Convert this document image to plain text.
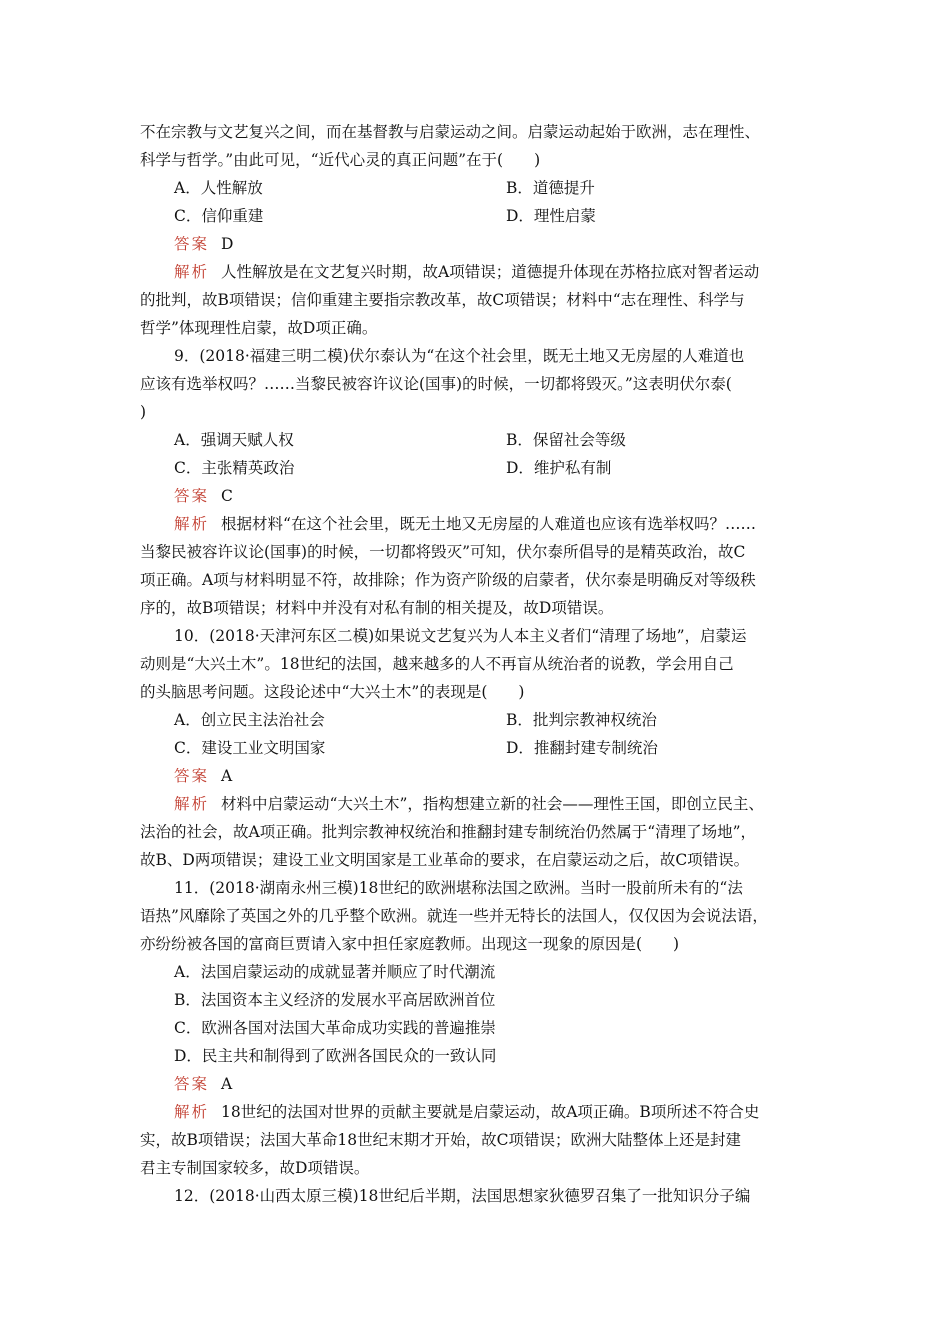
不在宗教与文艺复兴之间，而在基督教与启蒙运动之间。启蒙运动起始于欧洲，志在理性、
科学与哲学。”由此可见，“近代心灵的真正问题”在于(　　)
A．人性解放	B．道德提升
C．信仰重建	D．理性启蒙
答案 D
解析 人性解放是在文艺复兴时期，故A项错误；道德提升体现在苏格拉底对智者运动
的批判，故B项错误；信仰重建主要指宗教改革，故C项错误；材料中“志在理性、科学与
哲学”体现理性启蒙，故D项正确。
9．(2018·福建三明二模)伏尔泰认为“在这个社会里，既无土地又无房屋的人难道也
应该有选举权吗？……当黎民被容许议论(国事)的时候，一切都将毁灭。”这表明伏尔泰(
)
A．强调天赋人权	B．保留社会等级
C．主张精英政治	D．维护私有制
答案 C
解析 根据材料“在这个社会里，既无土地又无房屋的人难道也应该有选举权吗？……
当黎民被容许议论(国事)的时候，一切都将毁灭”可知，伏尔泰所倡导的是精英政治，故C
项正确。A项与材料明显不符，故排除；作为资产阶级的启蒙者，伏尔泰是明确反对等级秩
序的，故B项错误；材料中并没有对私有制的相关提及，故D项错误。
10．(2018·天津河东区二模)如果说文艺复兴为人本主义者们“清理了场地”，启蒙运
动则是“大兴土木”。18世纪的法国，越来越多的人不再盲从统治者的说教，学会用自己
的头脑思考问题。这段论述中“大兴土木”的表现是(　　)
A．创立民主法治社会	B．批判宗教神权统治
C．建设工业文明国家	D．推翻封建专制统治
答案 A
解析 材料中启蒙运动“大兴土木”，指构想建立新的社会——理性王国，即创立民主、
法治的社会，故A项正确。批判宗教神权统治和推翻封建专制统治仍然属于“清理了场地”，
故B、D两项错误；建设工业文明国家是工业革命的要求，在启蒙运动之后，故C项错误。
11．(2018·湖南永州三模)18世纪的欧洲堪称法国之欧洲。当时一股前所未有的“法
语热”风靡除了英国之外的几乎整个欧洲。就连一些并无特长的法国人，仅仅因为会说法语，
亦纷纷被各国的富商巨贾请入家中担任家庭教师。出现这一现象的原因是(　　)
A．法国启蒙运动的成就显著并顺应了时代潮流
B．法国资本主义经济的发展水平高居欧洲首位
C．欧洲各国对法国大革命成功实践的普遍推崇
D．民主共和制得到了欧洲各国民众的一致认同
答案 A
解析 18世纪的法国对世界的贡献主要就是启蒙运动，故A项正确。B项所述不符合史
实，故B项错误；法国大革命18世纪末期才开始，故C项错误；欧洲大陆整体上还是封建
君主专制国家较多，故D项错误。
12．(2018·山西太原三模)18世纪后半期，法国思想家狄德罗召集了一批知识分子编
